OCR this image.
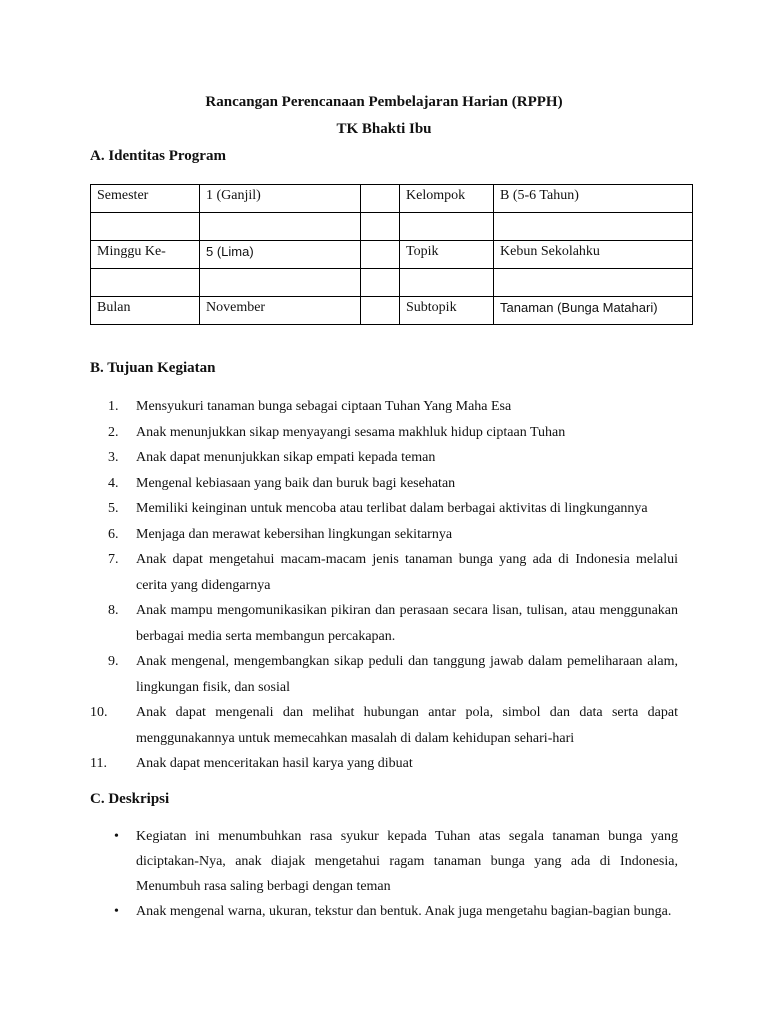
Rancangan Perencanaan Pembelajaran Harian (RPPH)
TK Bhakti Ibu
A. Identitas Program
Semester	1 (Ganjil)		Kelompok	B (5-6 Tahun)

Minggu Ke-	5 (Lima)		Topik	Kebun Sekolahku

Bulan	November		Subtopik	Tanaman (Bunga Matahari)
B. Tujuan Kegiatan
1.	Mensyukuri tanaman bunga sebagai ciptaan Tuhan Yang Maha Esa
2.	Anak menunjukkan sikap menyayangi sesama makhluk hidup ciptaan Tuhan
3.	Anak dapat menunjukkan sikap empati kepada teman
4.	Mengenal kebiasaan yang baik dan buruk bagi kesehatan
5.	Memiliki keinginan untuk mencoba atau terlibat dalam berbagai aktivitas di lingkungannya
6.	Menjaga dan merawat kebersihan lingkungan sekitarnya
7.	Anak dapat mengetahui macam-macam jenis tanaman bunga yang ada di Indonesia melalui cerita yang didengarnya
8.	Anak mampu mengomunikasikan pikiran dan perasaan secara lisan, tulisan, atau menggunakan berbagai media serta membangun percakapan.
9.	Anak mengenal, mengembangkan sikap peduli dan tanggung jawab dalam pemeliharaan alam, lingkungan fisik, dan sosial
10.	Anak dapat mengenali dan melihat hubungan antar pola, simbol dan data serta dapat menggunakannya untuk memecahkan masalah di dalam kehidupan sehari-hari
11.	Anak dapat menceritakan hasil karya yang dibuat
C. Deskripsi
• Kegiatan ini menumbuhkan rasa syukur kepada Tuhan atas segala tanaman bunga yang diciptakan-Nya, anak diajak mengetahui ragam tanaman bunga yang ada di Indonesia, Menumbuh rasa saling berbagi dengan teman
• Anak mengenal warna, ukuran, tekstur dan bentuk. Anak juga mengetahu bagian-bagian bunga.
